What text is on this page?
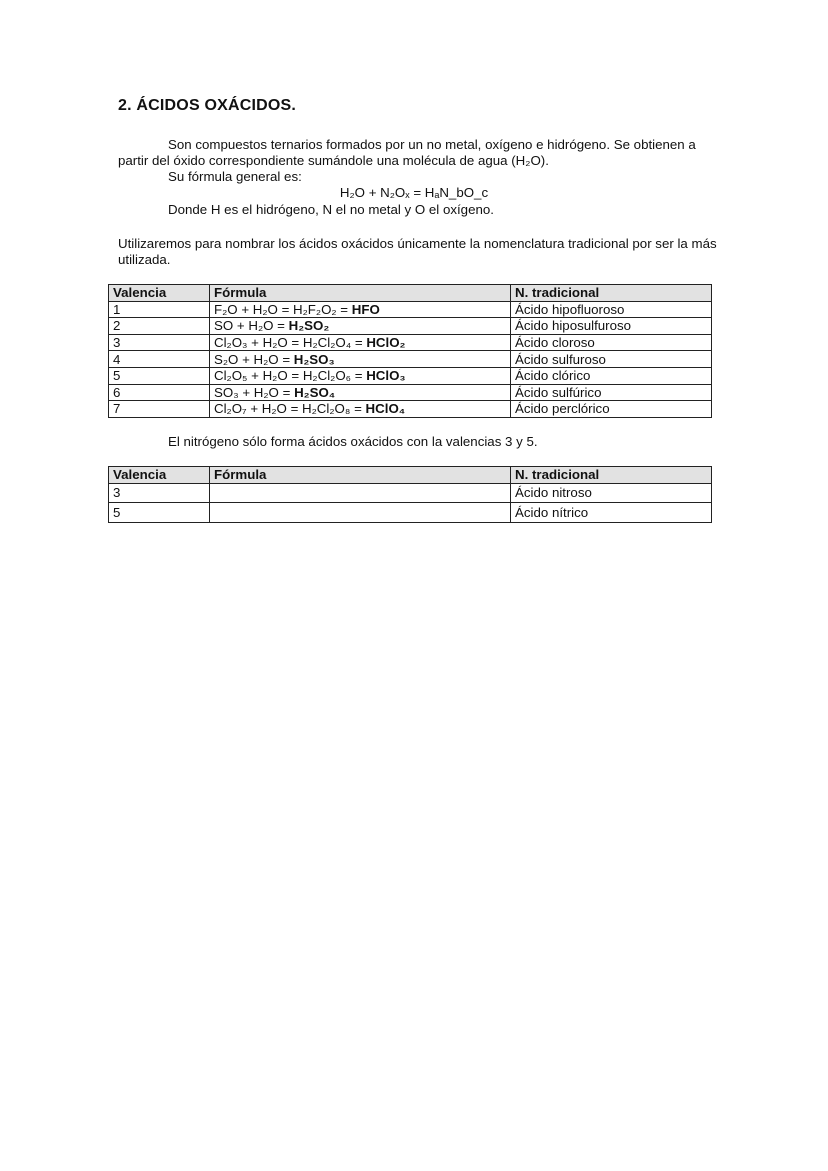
2. ÁCIDOS OXÁCIDOS.

Son compuestos ternarios formados por un no metal, oxígeno e hidrógeno. Se obtienen a partir del óxido correspondiente sumándole una molécula de agua (H₂O).

Su fórmula general es:

H₂O + N₂Oₓ = HₐN_bO_c

Donde H es el hidrógeno, N el no metal y O el oxígeno.

Utilizaremos para nombrar los ácidos oxácidos únicamente la nomenclatura tradicional por ser la más utilizada.

Valencia	Fórmula	N. tradicional
1	F₂O + H₂O = H₂F₂O₂ = HFO	Ácido hipofluoroso
2	SO + H₂O = H₂SO₂	Ácido hiposulfuroso
3	Cl₂O₃ + H₂O = H₂Cl₂O₄ = HClO₂	Ácido cloroso
4	S₂O + H₂O = H₂SO₃	Ácido sulfuroso
5	Cl₂O₅ + H₂O = H₂Cl₂O₆ = HClO₃	Ácido clórico
6	SO₃ + H₂O = H₂SO₄	Ácido sulfúrico
7	Cl₂O₇ + H₂O = H₂Cl₂O₈ = HClO₄	Ácido perclórico

El nitrógeno sólo forma ácidos oxácidos con la valencias 3 y 5.

Valencia	Fórmula	N. tradicional
3		Ácido nitroso
5		Ácido nítrico
